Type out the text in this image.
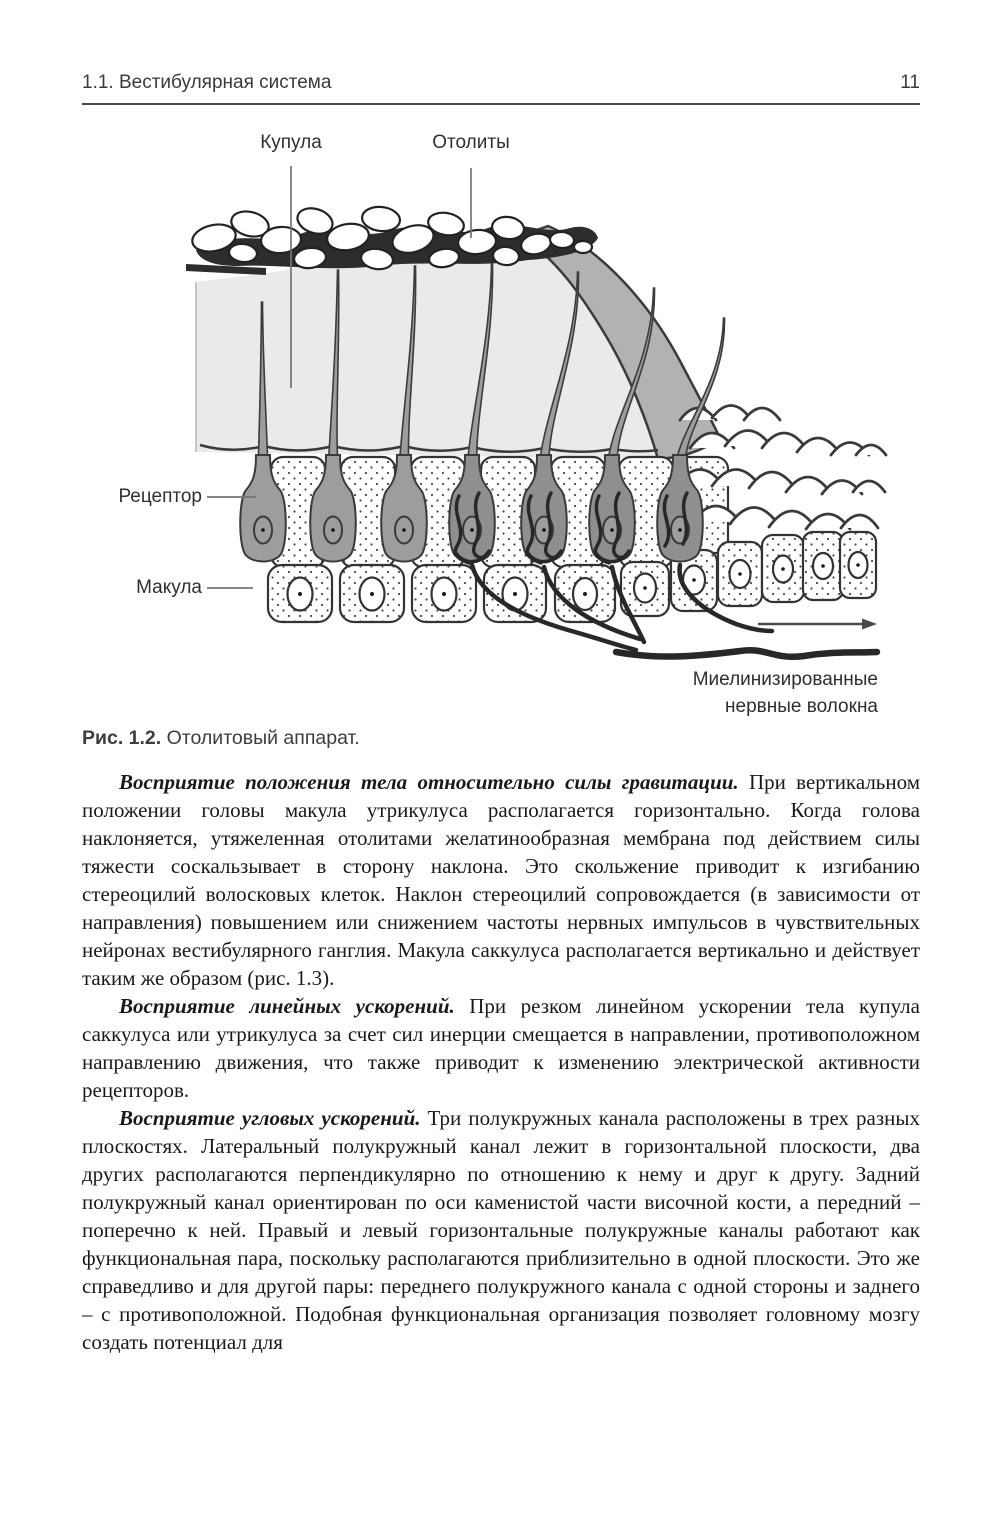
1.1. Вестибулярная система	11
Купула	Отолиты
Рецептор
Макула
Миелинизированные
нервные волокна
Рис. 1.2. Отолитовый аппарат.

Восприятие положения тела относительно силы гравитации. При вертикальном положении головы макула утрикулуса располагается горизонтально. Когда голова наклоняется, утяжеленная отолитами желатинообразная мембрана под действием силы тяжести соскальзывает в сторону наклона. Это скольжение приводит к изгибанию стереоцилий волосковых клеток. Наклон стереоцилий сопровождается (в зависимости от направления) повышением или снижением частоты нервных импульсов в чувствительных нейронах вестибулярного ганглия. Макула саккулуса располагается вертикально и действует таким же образом (рис. 1.3).

Восприятие линейных ускорений. При резком линейном ускорении тела купула саккулуса или утрикулуса за счет сил инерции смещается в направлении, противоположном направлению движения, что также приводит к изменению электрической активности рецепторов.

Восприятие угловых ускорений. Три полукружных канала расположены в трех разных плоскостях. Латеральный полукружный канал лежит в горизонтальной плоскости, два других располагаются перпендикулярно по отношению к нему и друг к другу. Задний полукружный канал ориентирован по оси каменистой части височной кости, а передний – поперечно к ней. Правый и левый горизонтальные полукружные каналы работают как функциональная пара, поскольку располагаются приблизительно в одной плоскости. Это же справедливо и для другой пары: переднего полукружного канала с одной стороны и заднего – с противоположной. Подобная функциональная организация позволяет головному мозгу создать потенциал для
